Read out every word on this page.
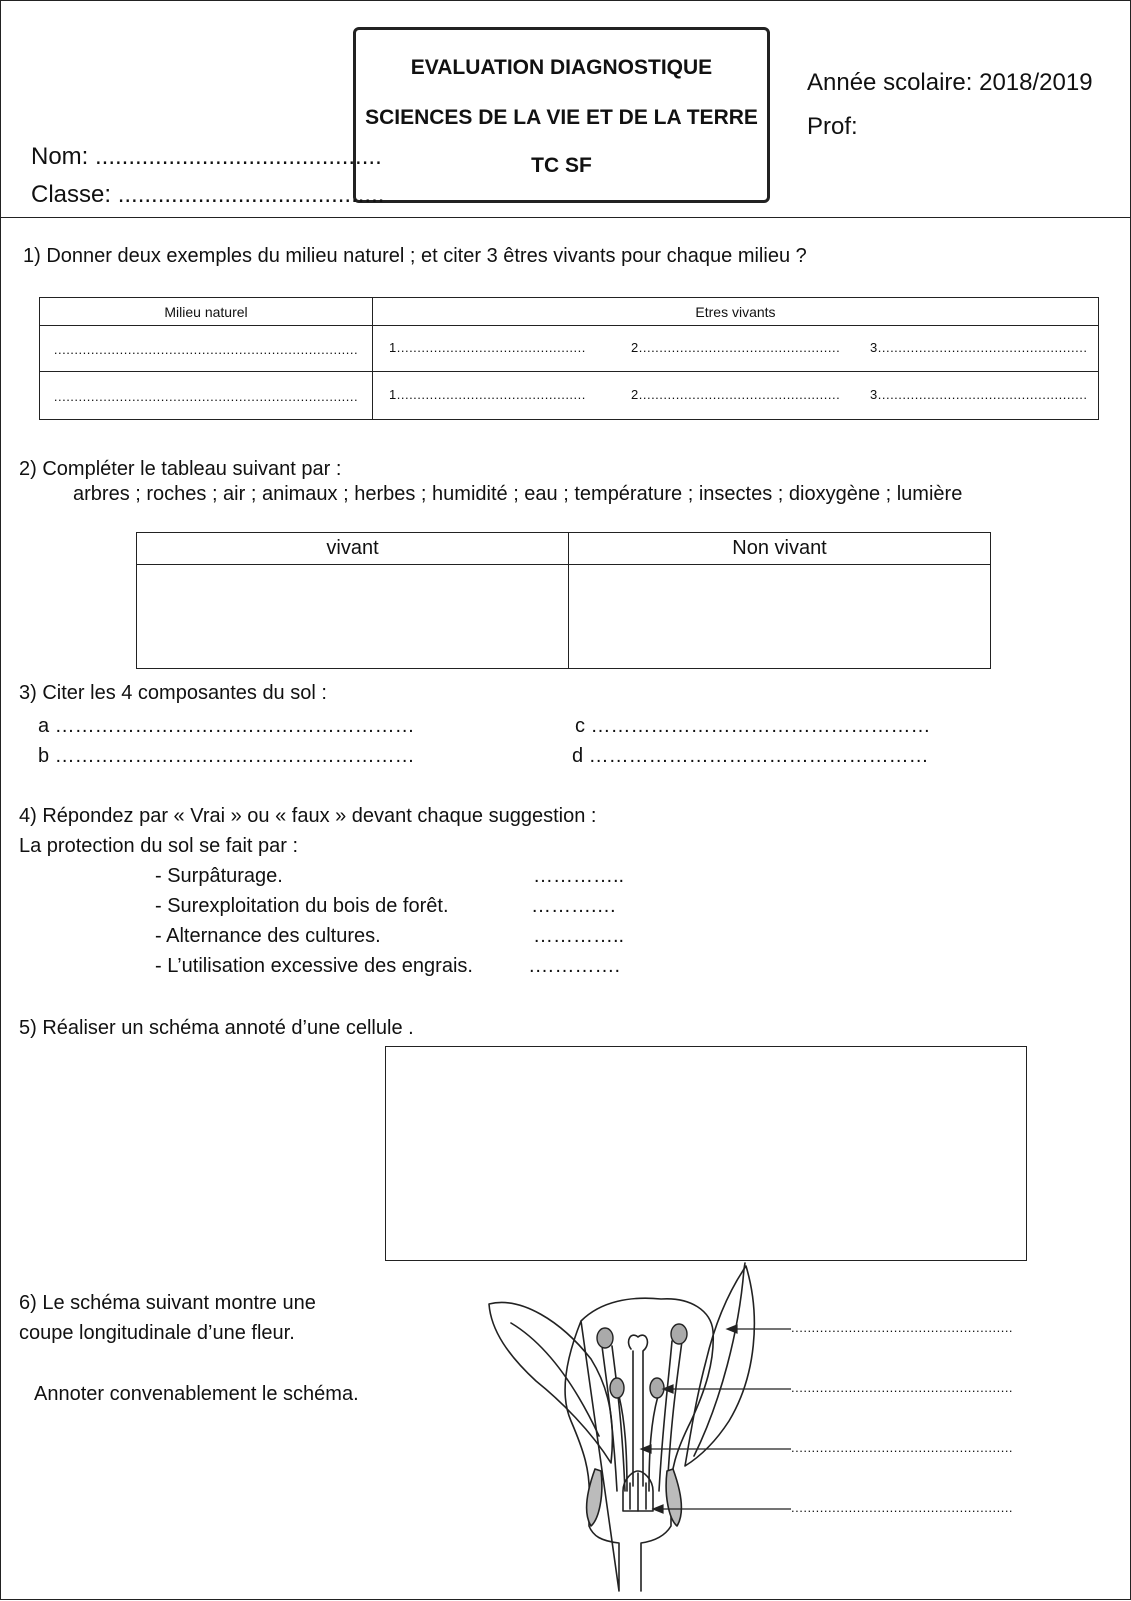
EVALUATION DIAGNOSTIQUE
SCIENCES DE LA VIE ET DE LA TERRE
TC SF
Année scolaire: 2018/2019
Prof:
Nom: ...........................................
Classe: ........................................
1) Donner deux exemples du milieu naturel ; et citer 3 êtres vivants pour chaque milieu ?
Milieu naturel	Etres vivants
..........................................................................	1.............................................. 2................................................. 3...................................................

..........................................................................	1.............................................. 2................................................. 3...................................................
2) Compléter le tableau suivant par :
arbres ; roches ; air ; animaux ; herbes ; humidité ; eau ; température ; insectes ; dioxygène ; lumière
vivant	Non vivant

3) Citer les 4 composantes du sol :
a ………………………………………………
b ………………………………………………
c ……………………………………………
d ……………………………………………
4) Répondez par « Vrai » ou « faux » devant chaque suggestion :
La protection du sol se fait par :
- Surpâturage.	…………..
- Surexploitation du bois de forêt.	……….…
- Alternance des cultures.	…………..
- L’utilisation excessive des engrais.	.………….
5) Réaliser un schéma annoté d’une cellule .
6) Le schéma suivant montre une
coupe longitudinale d’une fleur.
Annoter convenablement le schéma.
......................................................
......................................................
......................................................
......................................................
